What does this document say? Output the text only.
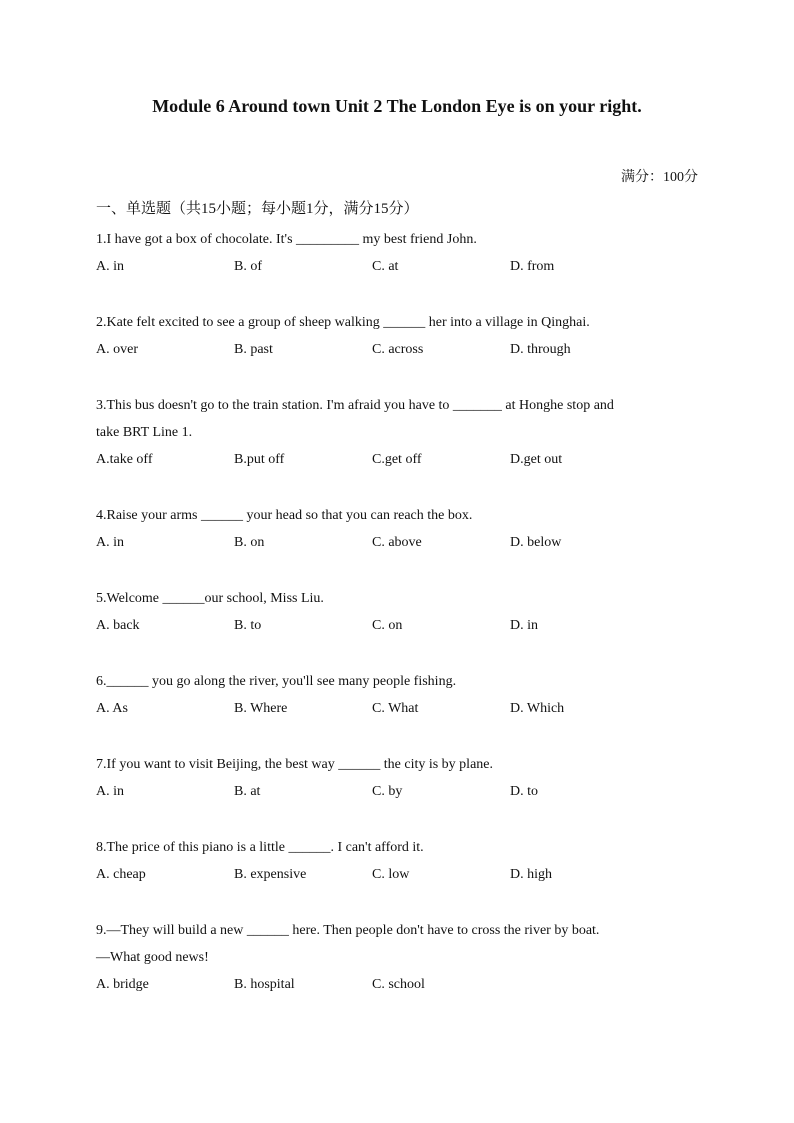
Module 6 Around town Unit 2 The London Eye is on your right.
满分：100分
一、单选题（共15小题；每小题1分，满分15分）
1.I have got a box of chocolate. It's _________ my best friend John.
A. in	B. of	C. at	D. from
2.Kate felt excited to see a group of sheep walking ______ her into a village in Qinghai.
A. over	B. past	C. across	D. through
3.This bus doesn't go to the train station. I'm afraid you have to _______ at Honghe stop and
take BRT Line 1.
A.take off	B.put off	C.get off	D.get out
4.Raise your arms ______ your head so that you can reach the box.
A. in	B. on	C. above	D. below
5.Welcome ______our school, Miss Liu.
A. back	B. to	C. on	D. in
6.______ you go along the river, you'll see many people fishing.
A. As	B. Where	C. What	D. Which
7.If you want to visit Beijing, the best way ______ the city is by plane.
A. in	B. at	C. by	D. to
8.The price of this piano is a little ______. I can't afford it.
A. cheap	B. expensive	C. low	D. high
9.—They will build a new ______ here. Then people don't have to cross the river by boat.
—What good news!
A. bridge	B. hospital	C. school
